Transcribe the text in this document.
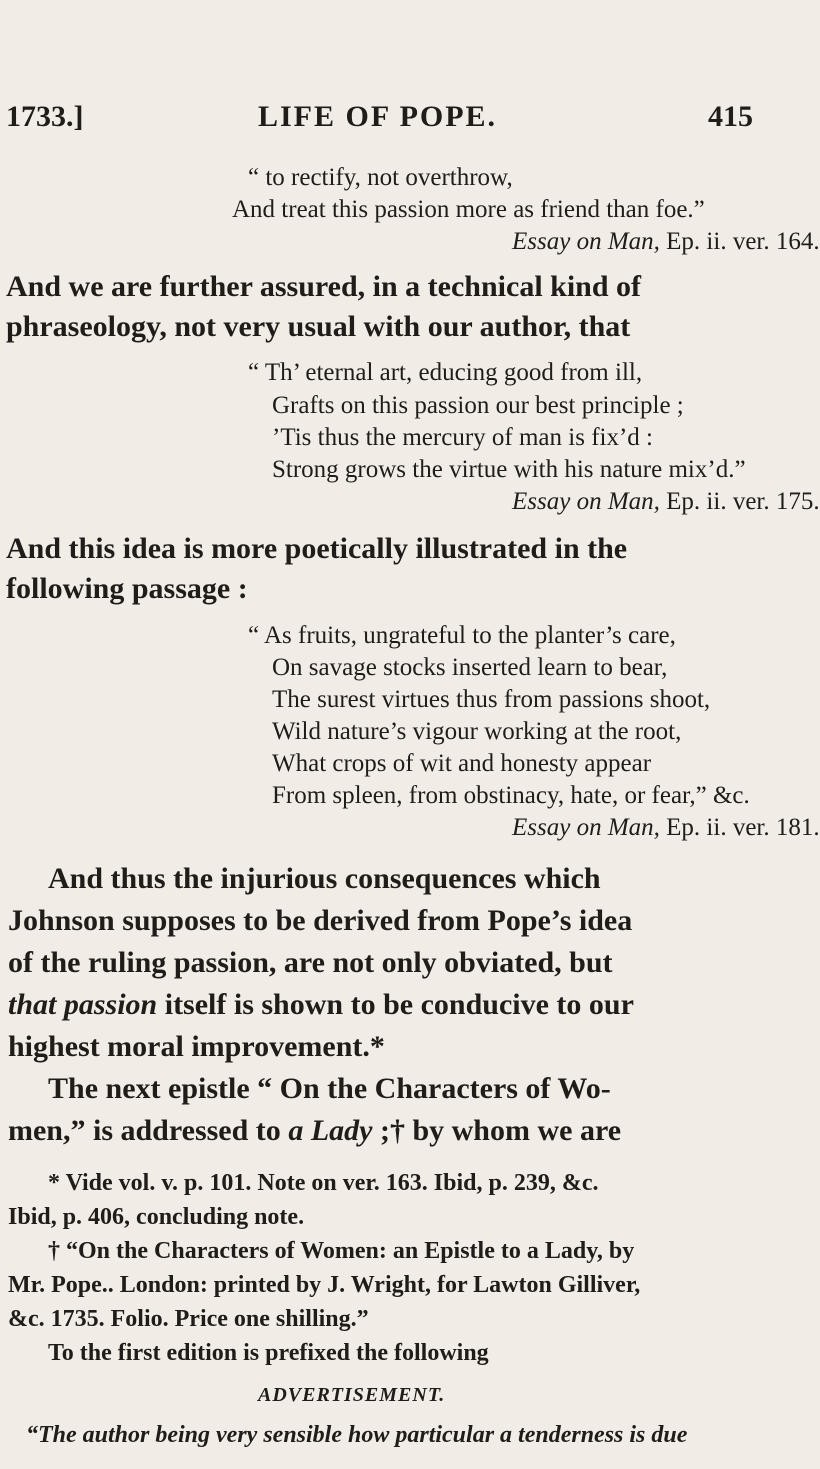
1733.]	LIFE OF POPE.	415
“ to rectify, not overthrow,
And treat this passion more as friend than foe.”
Essay on Man, Ep. ii. ver. 164.
And we are further assured, in a technical kind of
phraseology, not very usual with our author, that
“ Th’ eternal art, educing good from ill,
Grafts on this passion our best principle ;
’Tis thus the mercury of man is fix’d :
Strong grows the virtue with his nature mix’d.”
Essay on Man, Ep. ii. ver. 175.
And this idea is more poetically illustrated in the
following passage :
“ As fruits, ungrateful to the planter’s care,
On savage stocks inserted learn to bear,
The surest virtues thus from passions shoot,
Wild nature’s vigour working at the root,
What crops of wit and honesty appear
From spleen, from obstinacy, hate, or fear,” &c.
Essay on Man, Ep. ii. ver. 181.
And thus the injurious consequences which
Johnson supposes to be derived from Pope’s idea
of the ruling passion, are not only obviated, but
that passion itself is shown to be conducive to our
highest moral improvement.*
The next epistle “ On the Characters of Wo-
men,” is addressed to a Lady ;† by whom we are
* Vide vol. v. p. 101. Note on ver. 163. Ibid, p. 239, &c.
Ibid, p. 406, concluding note.
† “On the Characters of Women: an Epistle to a Lady, by
Mr. Pope.. London: printed by J. Wright, for Lawton Gilliver,
&c. 1735. Folio. Price one shilling.”
To the first edition is prefixed the following
ADVERTISEMENT.
“The author being very sensible how particular a tenderness is due
